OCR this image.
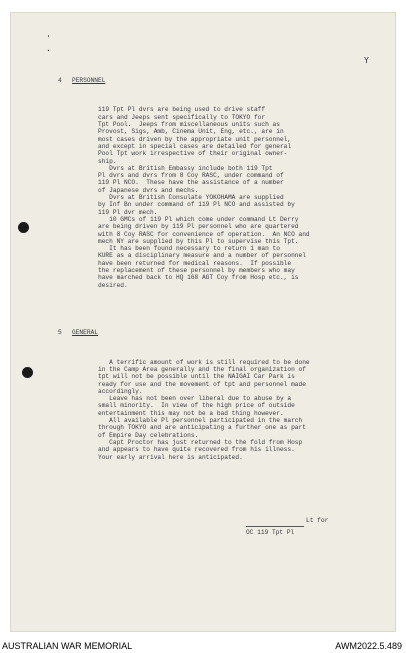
'
·
Y

4 PERSONNEL

119 Tpt Pl dvrs are being used to drive staff
cars and Jeeps sent specifically to TOKYO for
Tpt Pool.  Jeeps from miscellaneous units such as
Provost, Sigs, Amb, Cinema Unit, Eng, etc., are in
most cases driven by the appropriate unit personnel,
and except in special cases are detailed for general
Pool Tpt work irrespective of their original owner-
ship.
Dvrs at British Embassy include both 119 Tpt
Pl dvrs and dvrs from 8 Coy RASC, under command of
119 Pl NCO.  These have the assistance of a number
of Japanese dvrs and mechs.
Dvrs at British Consulate YOKOHAMA are supplied
by Inf Bn under command of 119 Pl NCO and assisted by
119 Pl dvr mech.
10 GMCs of 119 Pl which come under command Lt Derry
are being driven by 119 Pl personnel who are quartered
with 8 Coy RASC for convenience of operation.  An NCO and
mech NY are supplied by this Pl to supervise this Tpt.
It has been found necessary to return 1 man to
KURE as a disciplinary measure and a number of personnel
have been returned for medical reasons.  If possible
the replacement of these personnel by members who may
have marched back to HQ 168 AGT Coy from Hosp etc., is
desired.

5 GENERAL

A terrific amount of work is still required to be done
in the Camp Area generally and the final organization of
tpt will not be possible until the NAIGAI Car Park is
ready for use and the movement of tpt and personnel made
accordingly.
Leave has not been over liberal due to abuse by a
small minority.  In view of the high price of outside
entertainment this may not be a bad thing however.
All available Pl personnel participated in the march
through TOKYO and are anticipating a further one as part
of Empire Day celebrations.
Capt Proctor has just returned to the fold from Hosp
and appears to have quite recovered from his illness.
Your early arrival here is anticipated.

Lt for
OC 119 Tpt Pl
AUSTRALIAN WAR MEMORIAL	AWM2022.5.489
